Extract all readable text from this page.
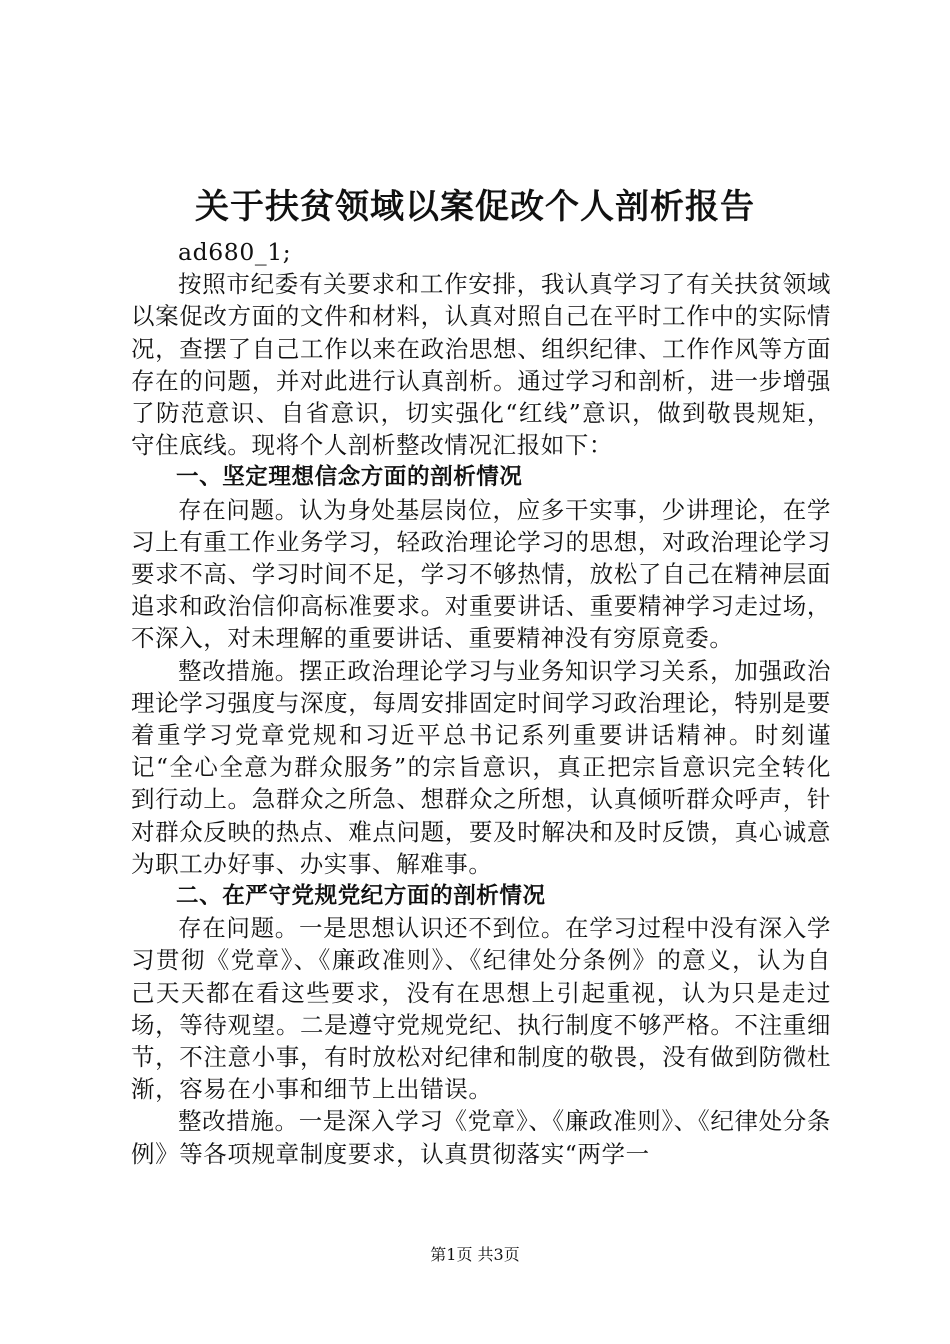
关于扶贫领域以案促改个人剖析报告

ad680_1;

按照市纪委有关要求和工作安排，我认真学习了有关扶贫领域以案促改方面的文件和材料，认真对照自己在平时工作中的实际情况，查摆了自己工作以来在政治思想、组织纪律、工作作风等方面存在的问题，并对此进行认真剖析。通过学习和剖析，进一步增强了防范意识、自省意识，切实强化“红线”意识，做到敬畏规矩，守住底线。现将个人剖析整改情况汇报如下：

一、坚定理想信念方面的剖析情况

存在问题。认为身处基层岗位，应多干实事，少讲理论，在学习上有重工作业务学习，轻政治理论学习的思想，对政治理论学习要求不高、学习时间不足，学习不够热情，放松了自己在精神层面追求和政治信仰高标准要求。对重要讲话、重要精神学习走过场，不深入，对未理解的重要讲话、重要精神没有穷原竟委。

整改措施。摆正政治理论学习与业务知识学习关系，加强政治理论学习强度与深度，每周安排固定时间学习政治理论，特别是要着重学习党章党规和习近平总书记系列重要讲话精神。时刻谨记“全心全意为群众服务”的宗旨意识，真正把宗旨意识完全转化到行动上。急群众之所急、想群众之所想，认真倾听群众呼声，针对群众反映的热点、难点问题，要及时解决和及时反馈，真心诚意为职工办好事、办实事、解难事。

二、在严守党规党纪方面的剖析情况

存在问题。一是思想认识还不到位。在学习过程中没有深入学习贯彻《党章》、《廉政准则》、《纪律处分条例》的意义，认为自己天天都在看这些要求，没有在思想上引起重视，认为只是走过场，等待观望。二是遵守党规党纪、执行制度不够严格。不注重细节，不注意小事，有时放松对纪律和制度的敬畏，没有做到防微杜渐，容易在小事和细节上出错误。

整改措施。一是深入学习《党章》、《廉政准则》、《纪律处分条例》等各项规章制度要求，认真贯彻落实“两学一

第1页 共3页
